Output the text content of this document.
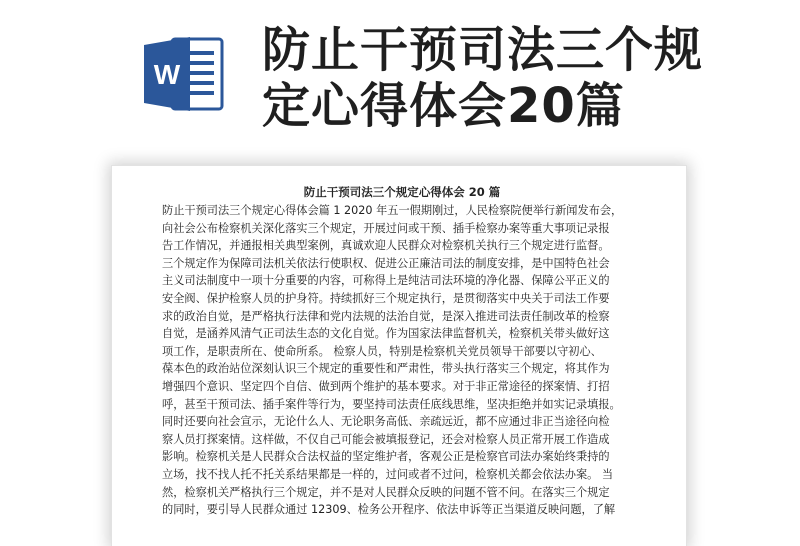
W 防止干预司法三个规
定心得体会20篇
防止干预司法三个规定心得体会 20 篇

防止干预司法三个规定心得体会篇 1 2020 年五一假期刚过，人民检察院便举行新闻发布会，

向社会公布检察机关深化落实三个规定，开展过问或干预、插手检察办案等重大事项记录报

告工作情况，并通报相关典型案例，真诚欢迎人民群众对检察机关执行三个规定进行监督。

三个规定作为保障司法机关依法行使职权、促进公正廉洁司法的制度安排，是中国特色社会

主义司法制度中一项十分重要的内容，可称得上是纯洁司法环境的净化器、保障公平正义的

安全阀、保护检察人员的护身符。持续抓好三个规定执行，是贯彻落实中央关于司法工作要

求的政治自觉，是严格执行法律和党内法规的法治自觉，是深入推进司法责任制改革的检察

自觉，是涵养风清气正司法生态的文化自觉。作为国家法律监督机关，检察机关带头做好这

项工作，是职责所在、使命所系。 检察人员，特别是检察机关党员领导干部要以守初心、

葆本色的政治站位深刻认识三个规定的重要性和严肃性，带头执行落实三个规定，将其作为

增强四个意识、坚定四个自信、做到两个维护的基本要求。对于非正常途径的探案情、打招

呼，甚至干预司法、插手案件等行为，要坚持司法责任底线思维，坚决拒绝并如实记录填报。

同时还要向社会宣示，无论什么人、无论职务高低、亲疏远近，都不应通过非正当途径向检

察人员打探案情。这样做，不仅自己可能会被填报登记，还会对检察人员正常开展工作造成

影响。检察机关是人民群众合法权益的坚定维护者，客观公正是检察官司法办案始终秉持的

立场，找不找人托不托关系结果都是一样的，过问或者不过问，检察机关都会依法办案。 当

然，检察机关严格执行三个规定，并不是对人民群众反映的问题不管不问。在落实三个规定

的同时，要引导人民群众通过 12309、检务公开程序、依法申诉等正当渠道反映问题，了解
